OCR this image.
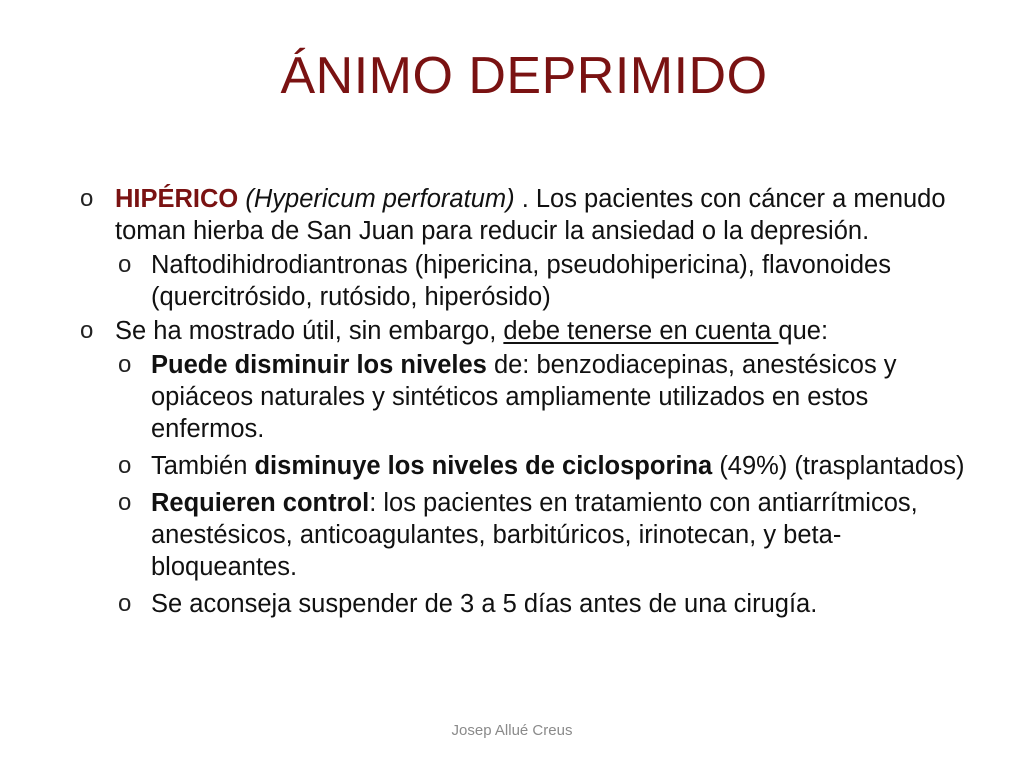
ÁNIMO DEPRIMIDO
o HIPÉRICO (Hypericum perforatum) . Los pacientes con cáncer a menudo toman hierba de San Juan para reducir la ansiedad o la depresión.
o Naftodihidrodiantronas (hipericina, pseudohipericina), flavonoides (quercitrósido, rutósido, hiperósido)
o Se ha mostrado útil, sin embargo, debe tenerse en cuenta que:
o Puede disminuir los niveles de: benzodiacepinas, anestésicos y opiáceos naturales y sintéticos ampliamente utilizados en estos enfermos.
o También disminuye los niveles de ciclosporina (49%) (trasplantados)
o Requieren control: los pacientes en tratamiento con antiarrítmicos, anestésicos, anticoagulantes, barbitúricos, irinotecan, y beta-bloqueantes.
o Se aconseja suspender de 3 a 5 días antes de una cirugía.
Josep Allué Creus
